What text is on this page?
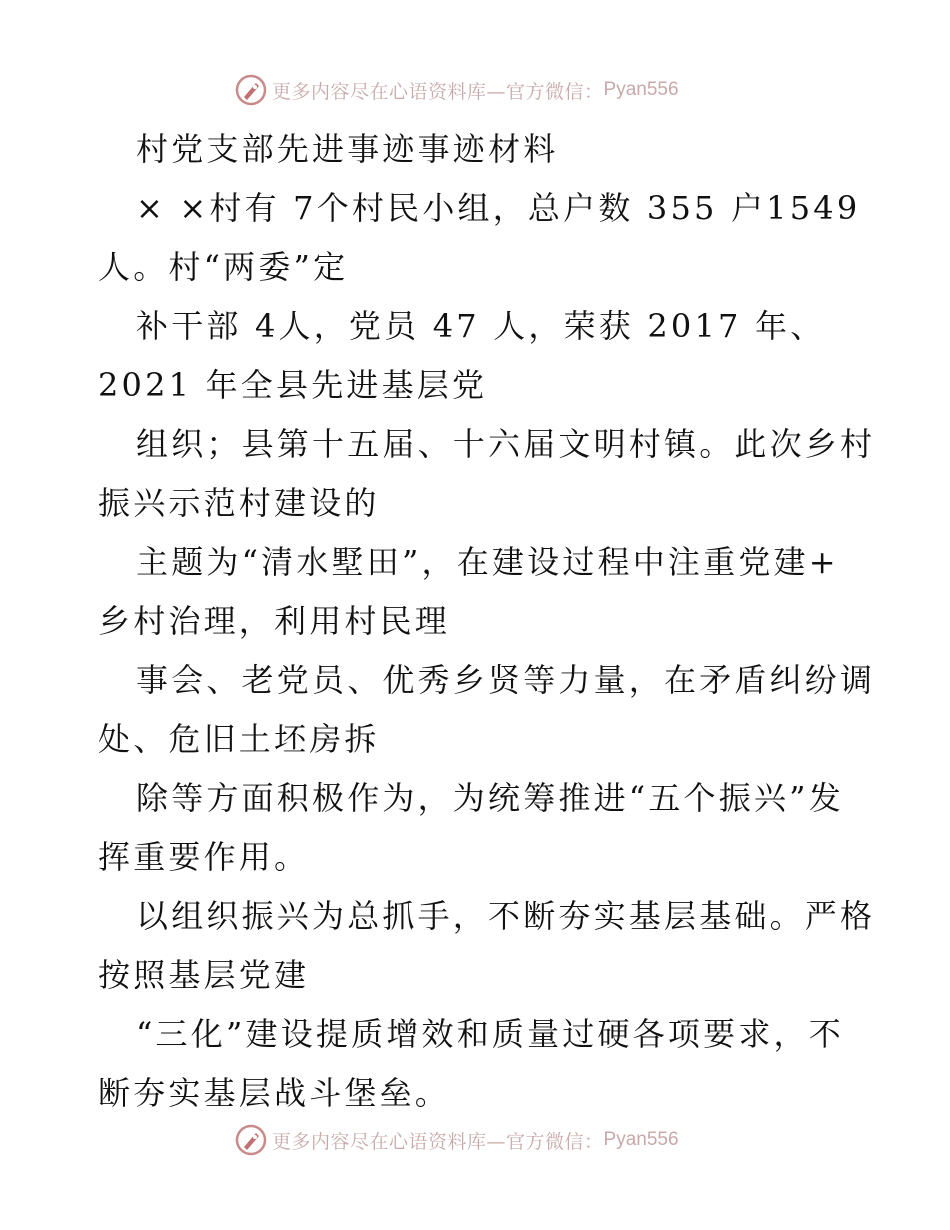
更多内容尽在心语资料库—官方微信： Pyan556
村党支部先进事迹事迹材料
× ×村有 7个村民小组，总户数 355 户1549
人。村“两委”定
补干部 4人，党员 47 人，荣获 2017 年、
2021 年全县先进基层党
组织；县第十五届、十六届文明村镇。此次乡村
振兴示范村建设的
主题为“清水墅田”，在建设过程中注重党建+
乡村治理，利用村民理
事会、老党员、优秀乡贤等力量，在矛盾纠纷调
处、危旧土坯房拆
除等方面积极作为，为统筹推进“五个振兴”发
挥重要作用。
以组织振兴为总抓手，不断夯实基层基础。严格
按照基层党建
“三化”建设提质增效和质量过硬各项要求，不
断夯实基层战斗堡垒。
更多内容尽在心语资料库—官方微信： Pyan556
